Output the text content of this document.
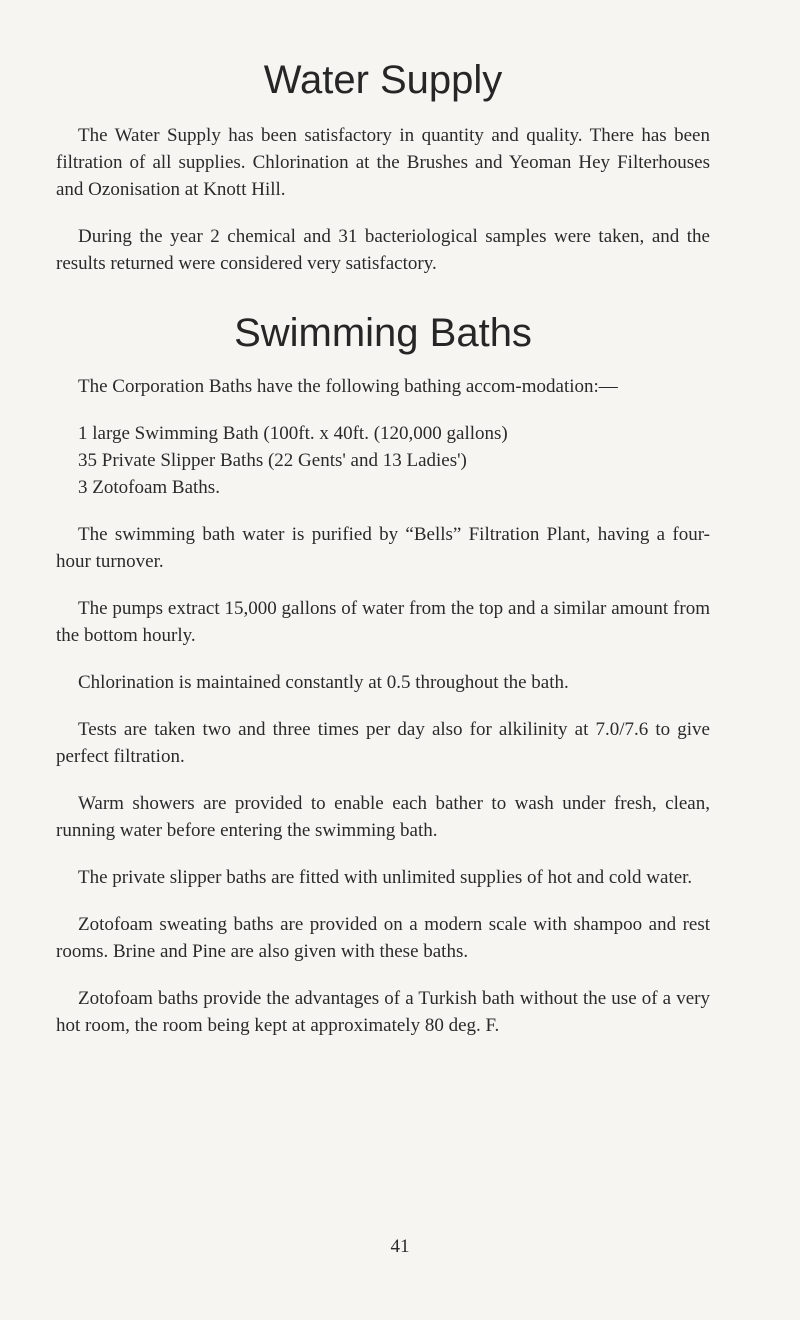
Water Supply

The Water Supply has been satisfactory in quantity and quality. There has been filtration of all supplies. Chlorination at the Brushes and Yeoman Hey Filterhouses and Ozonisation at Knott Hill.

During the year 2 chemical and 31 bacteriological samples were taken, and the results returned were considered very satisfactory.

Swimming Baths

The Corporation Baths have the following bathing accom-modation:—

1 large Swimming Bath (100ft. x 40ft. (120,000 gallons)
35 Private Slipper Baths (22 Gents' and 13 Ladies')
3 Zotofoam Baths.

The swimming bath water is purified by “Bells” Filtration Plant, having a four-hour turnover.

The pumps extract 15,000 gallons of water from the top and a similar amount from the bottom hourly.

Chlorination is maintained constantly at 0.5 throughout the bath.

Tests are taken two and three times per day also for alkilinity at 7.0/7.6 to give perfect filtration.

Warm showers are provided to enable each bather to wash under fresh, clean, running water before entering the swimming bath.

The private slipper baths are fitted with unlimited supplies of hot and cold water.

Zotofoam sweating baths are provided on a modern scale with shampoo and rest rooms. Brine and Pine are also given with these baths.

Zotofoam baths provide the advantages of a Turkish bath without the use of a very hot room, the room being kept at approximately 80 deg. F.

41
